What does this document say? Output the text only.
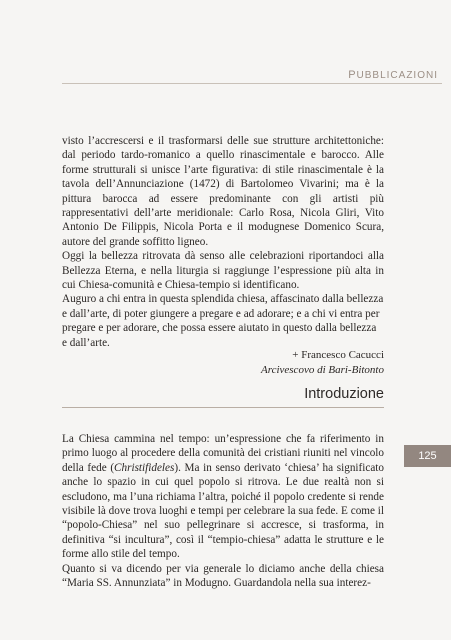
PUBBLICAZIONI

visto l’accrescersi e il trasformarsi delle sue strutture architettoniche: dal periodo tardo-romanico a quello rinascimentale e barocco. Alle forme strutturali si unisce l’arte figurativa: di stile rinascimentale è la tavola dell’Annunciazione (1472) di Bartolomeo Vivarini; ma è la pittura barocca ad essere predominante con gli artisti più rappresentativi dell’arte meridionale: Carlo Rosa, Nicola Gliri, Vito Antonio De Filippis, Nicola Porta e il modugnese Domenico Scura, autore del grande soffitto ligneo.

Oggi la bellezza ritrovata dà senso alle celebrazioni riportandoci alla Bellezza Eterna, e nella liturgia si raggiunge l’espressione più alta in cui Chiesa-comunità e Chiesa-tempio si identificano.

Auguro a chi entra in questa splendida chiesa, affascinato dalla bellezza e dall’arte, di poter giungere a pregare e ad adorare; e a chi vi entra per pregare e per adorare, che possa essere aiutato in questo dalla bellezza e dall’arte.

+ Francesco Cacucci
Arcivescovo di Bari-Bitonto
Introduzione

La Chiesa cammina nel tempo: un’espressione che fa riferimento in primo luogo al procedere della comunità dei cristiani riuniti nel vincolo della fede (Christifideles). Ma in senso derivato ‘chiesa’ ha significato anche lo spazio in cui quel popolo si ritrova. Le due realtà non si escludono, ma l’una richiama l’altra, poiché il popolo credente si rende visibile là dove trova luoghi e tempi per celebrare la sua fede. E come il “popolo-Chiesa” nel suo pellegrinare si accresce, si trasforma, in definitiva “si incultura”, così il “tempio-chiesa” adatta le strutture e le forme allo stile del tempo.

Quanto si va dicendo per via generale lo diciamo anche della chiesa “Maria SS. Annunziata” in Modugno. Guardandola nella sua interez-

125
